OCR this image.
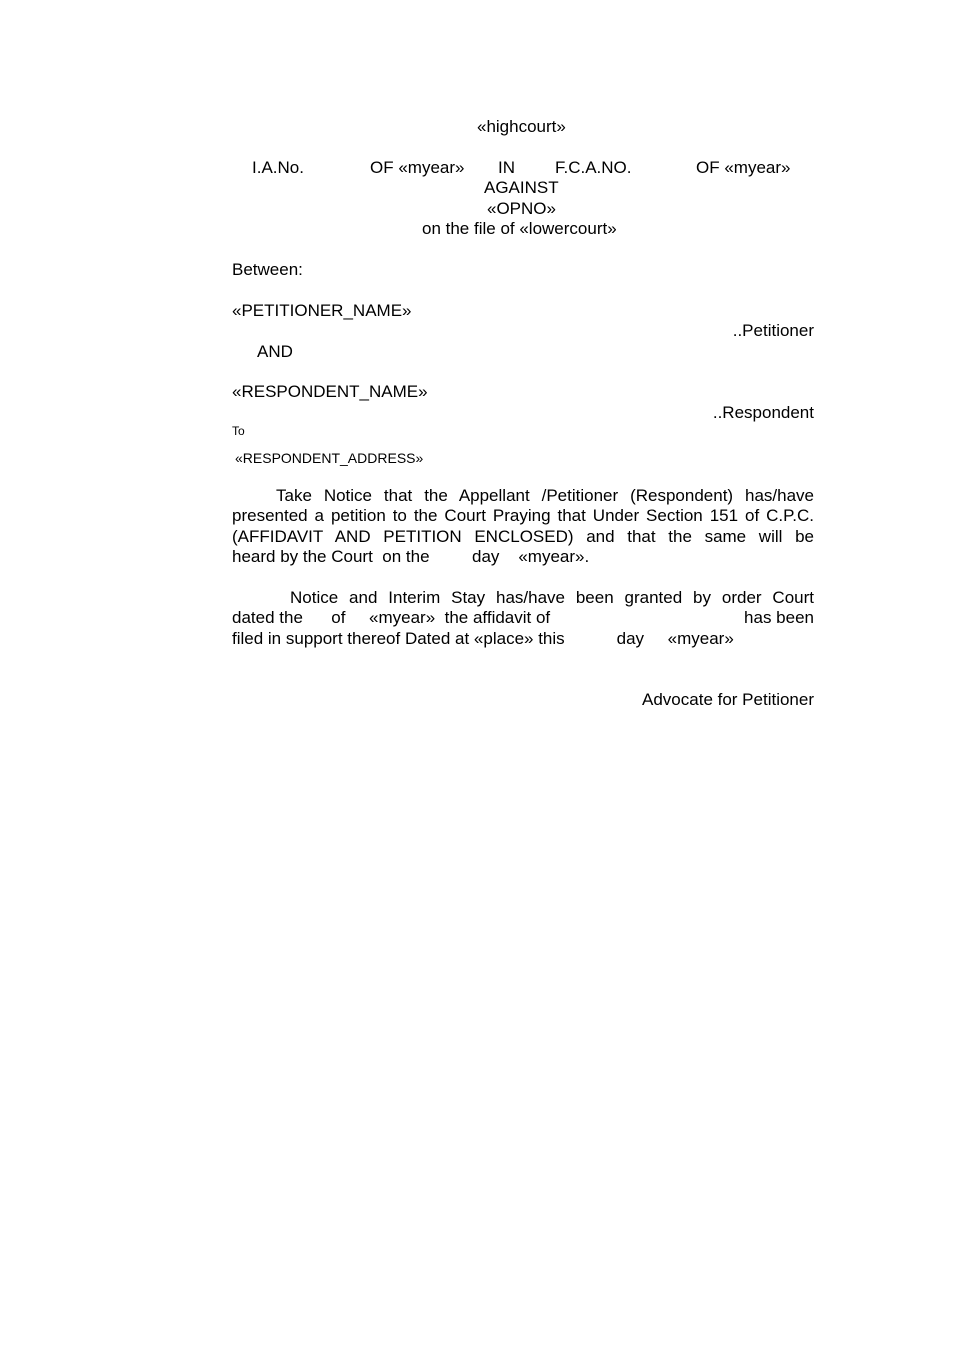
«highcourt»
I.A.No.	OF «myear» IN F.C.A.NO.	OF «myear»
AGAINST
«OPNO»
on the file of «lowercourt»
Between:
«PETITIONER_NAME»
..Petitioner
AND
«RESPONDENT_NAME»
..Respondent
To
«RESPONDENT_ADDRESS»
Take Notice that the Appellant /Petitioner (Respondent) has/have
presented a petition to the Court Praying that Under Section 151 of C.P.C.
(AFFIDAVIT AND PETITION ENCLOSED) and that the same will be
heard by the Court  on the         day    «myear».
Notice and Interim Stay has/have been granted by order Court
dated the      of     «myear»  the affidavit of	has been
filed in support thereof Dated at «place» this           day     «myear»
Advocate for Petitioner
